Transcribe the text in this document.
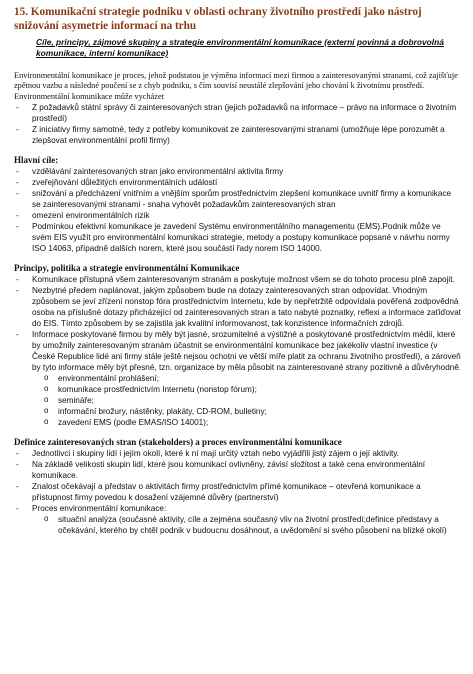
15. Komunikační strategie podniku v oblasti ochrany životního prostředí jako nástroj snižování asymetrie informací na trhu

Cíle, principy, zájmové skupiny a strategie environmentální komunikace (externí povinná a dobrovolná komunikace, interní komunikace)

Environmentální komunikace je proces, jehož podstatou je výměna informací mezi firmou a zainteresovanými stranami, což zajišťuje zpětnou vazbu a následné poučení se z chyb podniku, s čím souvisí neustálé zlepšování jeho chování k životnímu prostředí. Environmentální komunikace může vycházet

- Z požadavků státní správy či zainteresovaných stran (jejich požadavků na informace – právo na informace o životním prostředí)
- Z iniciativy firmy samotné, tedy z potřeby komunikovat ze zainteresovanými stranami (umožňuje lépe porozumět a zlepšovat environmentální profil firmy)

Hlavní cíle:

- vzdělávání zainteresovaných stran jako environmentální aktivita firmy
- zveřejňování důležitých environmentálních událostí
- snižování a předcházení vnitřním a vnějším sporům prostřednictvím zlepšení komunikace uvnitř firmy a komunikace se zainteresovanými stranami - snaha vyhovět požadavkům zainteresovaných stran
- omezení environmentálních rizik
- Podmínkou efektivní komunikace je zavedení Systému environmentálního managementu (EMS).Podnik může ve svém EIS využít pro environmentální komunikaci strategie, metody a postupy komunikace popsané v návrhu normy ISO 14063, případně dalších norem, které jsou součástí řady norem ISO 14000.

Principy, politika a strategie environmentální Komunikace

- Komunikace přístupná všem zainteresovaným stranám a poskytuje možnost všem se do tohoto procesu plně zapojit.
- Nezbytné předem naplánovat, jakým způsobem bude na dotazy zainteresovaných stran odpovídat. Vhodným způsobem se jeví zřízení nonstop fóra prostřednictvím Internetu, kde by nepřetržitě odpovídala pověřená zodpovědná osoba na příslušné dotazy přicházející od zainteresovaných stran a tato nabyté poznatky, reflexi a informace zaťiďovat do EIS. Tímto způsobem by se zajistila jak kvalitní informovanost, tak konzistence informačních zdrojů.
- Informace poskytované firmou by měly být jasné, srozumitelné a výstižné a poskytované prostřednictvím médií, které by umožnily zainteresovaným stranám účastnit se environmentální komunikace bez jakékoliv vlastní investice (v České Republice lidé ani firmy stále ještě nejsou ochotni ve větší míře platit za ochranu životního prostředí), a zároveň by tyto informace měly být přesné, tzn. organizace by měla působit na zainteresované strany pozitivně a důvěryhodně.
o environmentální prohlášení;
o komunikace prostřednictvím Internetu (nonstop fórum);
o semináře;
o informační brožury, nástěnky, plakáty, CD-ROM, bulletiny;
o zavedení EMS (podle EMAS/ISO 14001);

Definice zainteresovaných stran (stakeholders) a proces environmentální komunikace

- Jednotlivci i skupiny lidí i jejím okolí, které k ní mají určitý vztah nebo vyjádřili jistý zájem o její aktivity.
- Na základě velikosti skupin lidí, které jsou komunikací ovlivněny, závisí složitost a také cena environmentální komunikace.
- Znalost očekávají a představ o aktivitách firmy prostřednictvím přímé komunikace – otevřená komunikace a přístupnost firmy povedou k dosažení vzájemné důvěry (partnerství)
- Proces environmentální komunikace:
o situační analýza (současné aktivity, cíle a zejména současný vliv na životní prostředí;definice představy a očekávání, kterého by chtěl podnik v budoucnu dosáhnout, a uvědomění si svého působení na blízké okolí)
